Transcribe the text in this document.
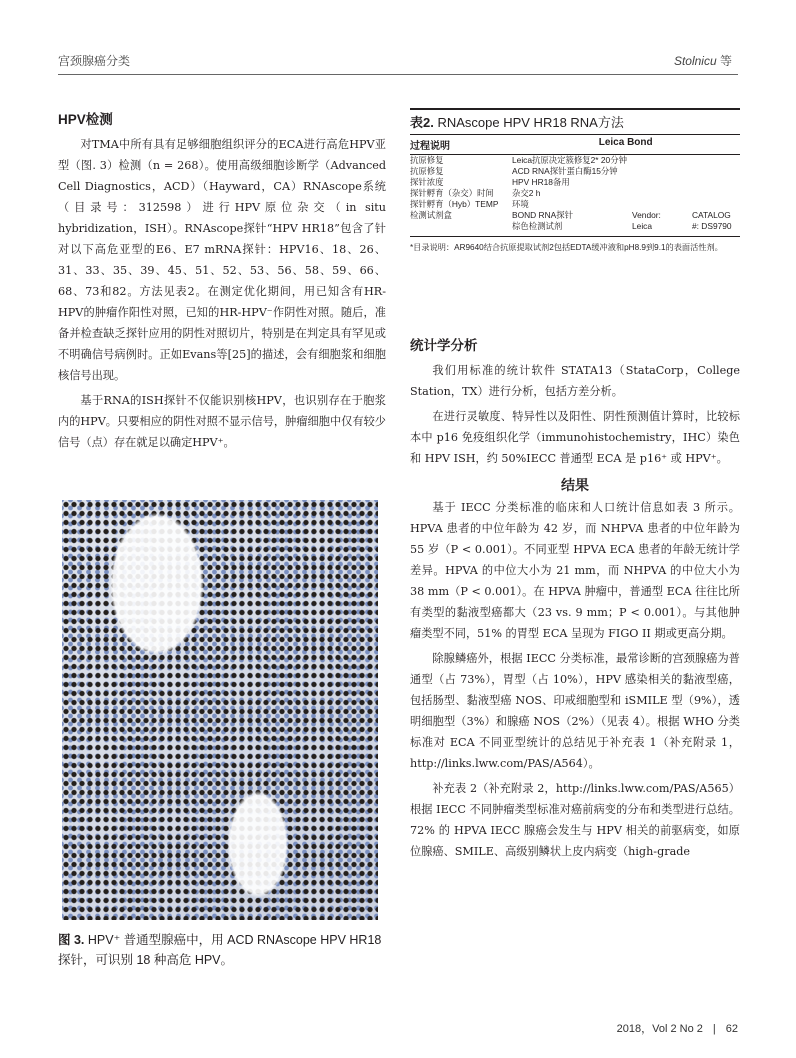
宫颈腺癌分类	Stolnicu 等
HPV检测

对TMA中所有具有足够细胞组织评分的ECA进行高危HPV亚型（图. 3）检测（n = 268）。使用高级细胞诊断学（Advanced Cell Diagnostics，ACD）（Hayward，CA）RNAscope系统（目录号：312598）进行HPV原位杂交（in situ hybridization，ISH）。RNAscope探针“HPV HR18”包含了针对以下高危亚型的E6、E7 mRNA探针：HPV16、18、26、31、33、35、39、45、51、52、53、56、58、59、66、68、73和82。方法见表2。在测定优化期间，用已知含有HR-HPV的肿瘤作阳性对照，已知的HR-HPV⁻作阴性对照。随后，准备并检查缺乏探针应用的阴性对照切片，特别是在判定具有罕见或不明确信号病例时。正如Evans等[25]的描述，会有细胞浆和细胞核信号出现。

基于RNA的ISH探针不仅能识别核HPV，也识别存在于胞浆内的HPV。只要相应的阴性对照不显示信号，肿瘤细胞中仅有较少信号（点）存在就足以确定HPV⁺。

图 3. HPV⁺ 普通型腺癌中，用 ACD RNAscope HPV HR18 探针，可识别 18 种高危 HPV。

表2. RNAscope HPV HR18 RNA方法

过程说明	Leica Bond
抗原修复	Leica抗原决定簇修复2* 20分钟
抗原修复	ACD RNA探针蛋白酶15分钟
探针浓度	HPV HR18备用
探针孵育（杂交）时间	杂交2 h
探针孵育（Hyb）TEMP	环境
检测试剂盒	BOND RNA探针	Vendor:	CATALOG
棕色检测试剂	Leica	#: DS9790
*目录说明：AR9640结合抗原提取试剂2包括EDTA缓冲液和pH8.9到9.1的表面活性剂。
统计学分析

我们用标准的统计软件 STATA13（StataCorp，College Station，TX）进行分析，包括方差分析。

在进行灵敏度、特异性以及阳性、阴性预测值计算时，比较标本中 p16 免疫组织化学（immunohistochemistry，IHC）染色和 HPV ISH，约 50%IECC 普通型 ECA 是 p16⁺ 或 HPV⁺。

结果

基于 IECC 分类标准的临床和人口统计信息如表 3 所示。HPVA 患者的中位年龄为 42 岁，而 NHPVA 患者的中位年龄为 55 岁（P < 0.001）。不同亚型 HPVA ECA 患者的年龄无统计学差异。HPVA 的中位大小为 21 mm，而 NHPVA 的中位大小为 38 mm（P < 0.001）。在 HPVA 肿瘤中，普通型 ECA 往往比所有类型的黏液型癌都大（23 vs. 9 mm；P < 0.001）。与其他肿瘤类型不同，51% 的胃型 ECA 呈现为 FIGO II 期或更高分期。

除腺鳞癌外，根据 IECC 分类标准，最常诊断的宫颈腺癌为普通型（占 73%），胃型（占 10%），HPV 感染相关的黏液型癌，包括肠型、黏液型癌 NOS、印戒细胞型和 iSMILE 型（9%），透明细胞型（3%）和腺癌 NOS（2%）（见表 4）。根据 WHO 分类标准对 ECA 不同亚型统计的总结见于补充表 1（补充附录 1，http://links.lww.com/PAS/A564）。

补充表 2（补充附录 2，http://links.lww.com/PAS/A565）根据 IECC 不同肿瘤类型标准对癌前病变的分布和类型进行总结。72% 的 HPVA IECC 腺癌会发生与 HPV 相关的前驱病变，如原位腺癌、SMILE、高级别鳞状上皮内病变（high-grade

2018，Vol 2 No 2 | 62
